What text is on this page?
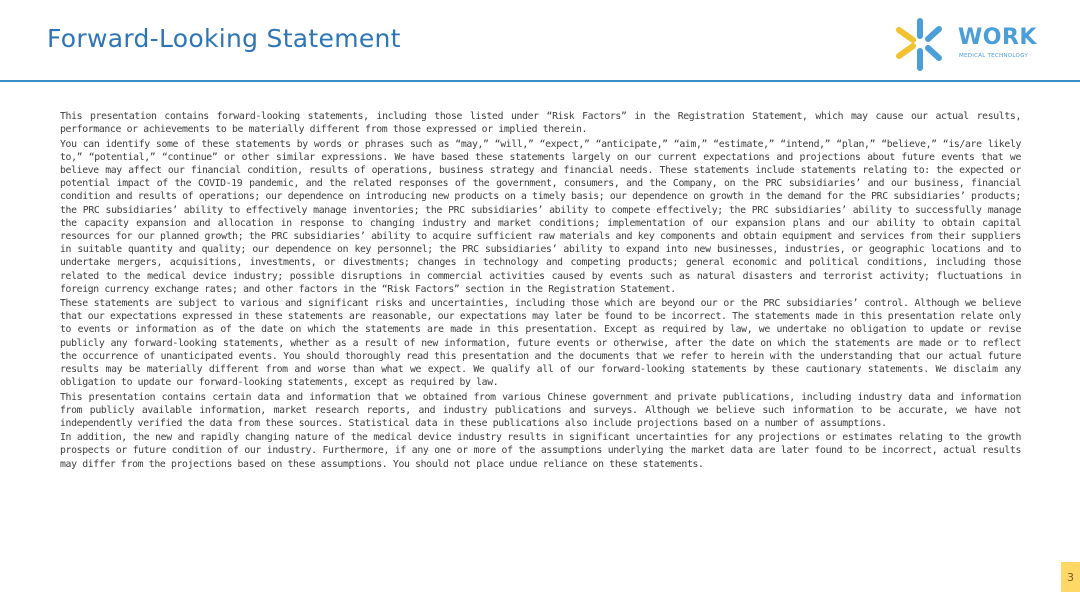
Forward-Looking Statement	WORK
MEDICAL TECHNOLOGY

This presentation contains forward-looking statements, including those listed under “Risk Factors” in the Registration Statement, which may cause our actual results, performance or achievements to be materially different from those expressed or implied therein.

You can identify some of these statements by words or phrases such as “may,” “will,” “expect,” “anticipate,” “aim,” “estimate,” “intend,” “plan,” “believe,” “is/are likely to,” “potential,” “continue” or other similar expressions. We have based these statements largely on our current expectations and projections about future events that we believe may affect our financial condition, results of operations, business strategy and financial needs. These statements include statements relating to: the expected or potential impact of the COVID-19 pandemic, and the related responses of the government, consumers, and the Company, on the PRC subsidiaries’ and our business, financial condition and results of operations; our dependence on introducing new products on a timely basis; our dependence on growth in the demand for the PRC subsidiaries’ products; the PRC subsidiaries’ ability to effectively manage inventories; the PRC subsidiaries’ ability to compete effectively; the PRC subsidiaries’ ability to successfully manage the capacity expansion and allocation in response to changing industry and market conditions; implementation of our expansion plans and our ability to obtain capital resources for our planned growth; the PRC subsidiaries’ ability to acquire sufficient raw materials and key components and obtain equipment and services from their suppliers in suitable quantity and quality; our dependence on key personnel; the PRC subsidiaries’ ability to expand into new businesses, industries, or geographic locations and to undertake mergers, acquisitions, investments, or divestments; changes in technology and competing products; general economic and political conditions, including those related to the medical device industry; possible disruptions in commercial activities caused by events such as natural disasters and terrorist activity; fluctuations in foreign currency exchange rates; and other factors in the “Risk Factors” section in the Registration Statement.

These statements are subject to various and significant risks and uncertainties, including those which are beyond our or the PRC subsidiaries’ control. Although we believe that our expectations expressed in these statements are reasonable, our expectations may later be found to be incorrect. The statements made in this presentation relate only to events or information as of the date on which the statements are made in this presentation. Except as required by law, we undertake no obligation to update or revise publicly any forward-looking statements, whether as a result of new information, future events or otherwise, after the date on which the statements are made or to reflect the occurrence of unanticipated events. You should thoroughly read this presentation and the documents that we refer to herein with the understanding that our actual future results may be materially different from and worse than what we expect. We qualify all of our forward-looking statements by these cautionary statements. We disclaim any obligation to update our forward-looking statements, except as required by law.

This presentation contains certain data and information that we obtained from various Chinese government and private publications, including industry data and information from publicly available information, market research reports, and industry publications and surveys. Although we believe such information to be accurate, we have not independently verified the data from these sources. Statistical data in these publications also include projections based on a number of assumptions.

In addition, the new and rapidly changing nature of the medical device industry results in significant uncertainties for any projections or estimates relating to the growth prospects or future condition of our industry. Furthermore, if any one or more of the assumptions underlying the market data are later found to be incorrect, actual results may differ from the projections based on these assumptions. You should not place undue reliance on these statements.

3
